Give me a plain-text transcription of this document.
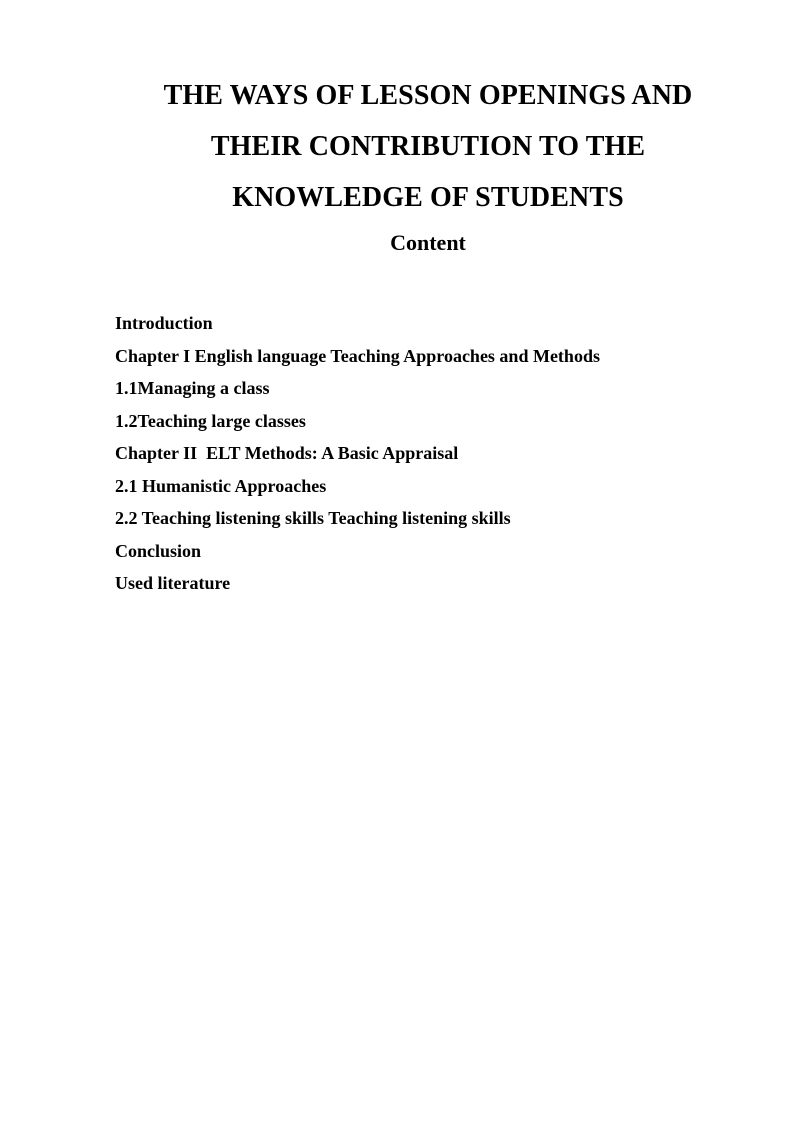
THE WAYS OF LESSON OPENINGS AND
THEIR CONTRIBUTION TO THE
KNOWLEDGE OF STUDENTS
Content
Introduction
Chapter I English language Teaching Approaches and Methods
1.1Managing a class
1.2Teaching large classes
Chapter II  ELT Methods: A Basic Appraisal
2.1 Humanistic Approaches
2.2 Teaching listening skills Teaching listening skills
Conclusion
Used literature
